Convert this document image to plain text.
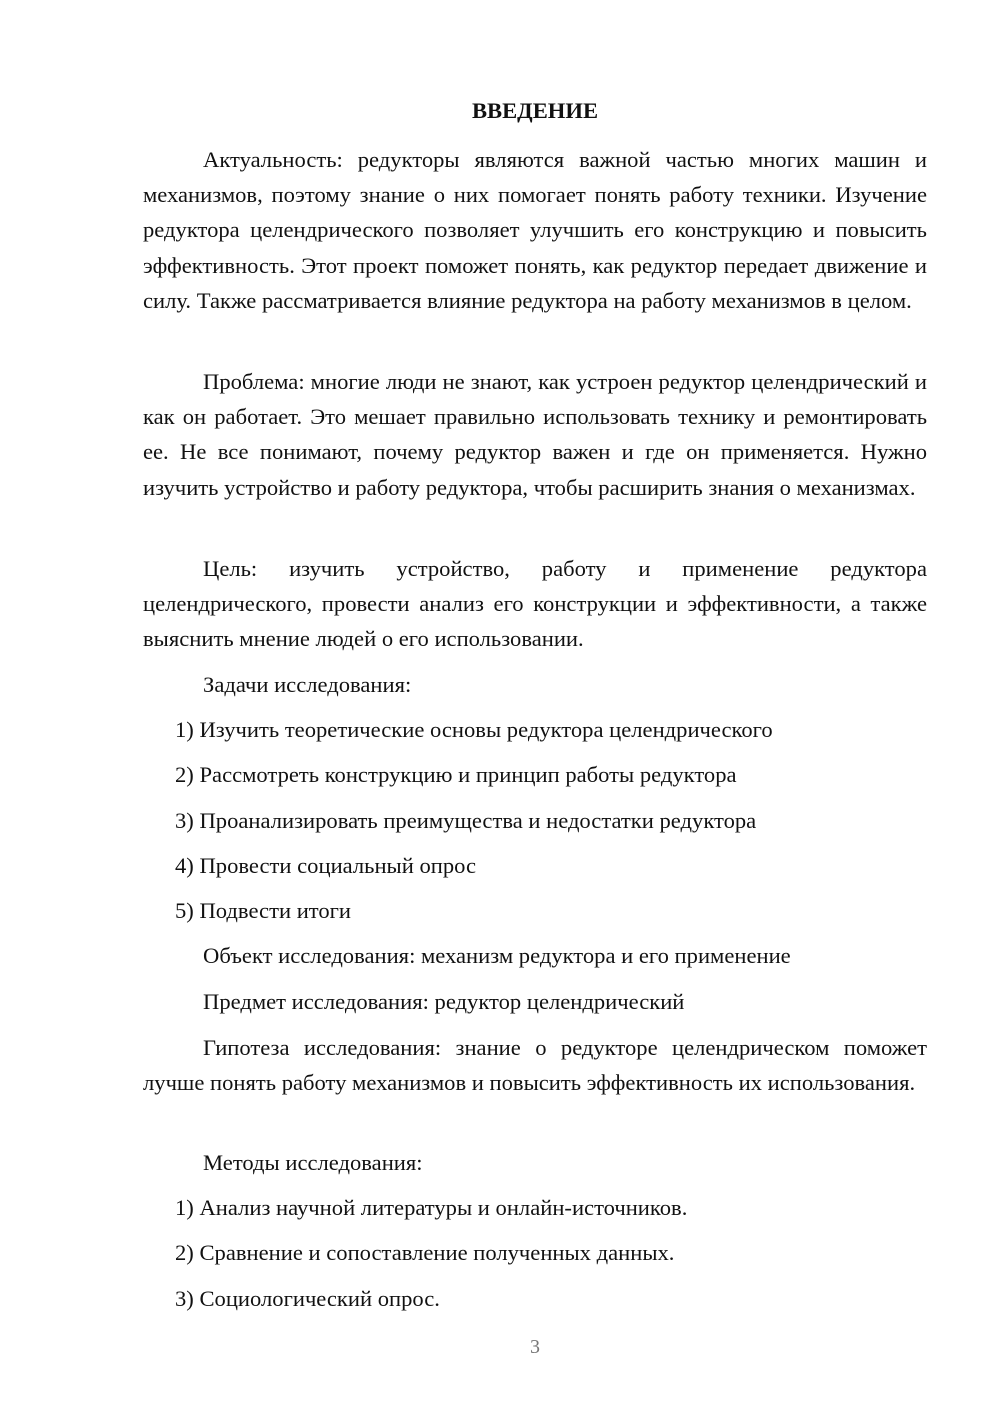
ВВЕДЕНИЕ
Актуальность: редукторы являются важной частью многих машин и механизмов, поэтому знание о них помогает понять работу техники. Изучение редуктора целендрического позволяет улучшить его конструкцию и повысить эффективность. Этот проект поможет понять, как редуктор передает движение и силу. Также рассматривается влияние редуктора на работу механизмов в целом.
Проблема: многие люди не знают, как устроен редуктор целендрический и как он работает. Это мешает правильно использовать технику и ремонтировать ее. Не все понимают, почему редуктор важен и где он применяется. Нужно изучить устройство и работу редуктора, чтобы расширить знания о механизмах.
Цель: изучить устройство, работу и применение редуктора целендрического, провести анализ его конструкции и эффективности, а также выяснить мнение людей о его использовании.
Задачи исследования:
1) Изучить теоретические основы редуктора целендрического
2) Рассмотреть конструкцию и принцип работы редуктора
3) Проанализировать преимущества и недостатки редуктора
4) Провести социальный опрос
5) Подвести итоги
Объект исследования: механизм редуктора и его применение
Предмет исследования: редуктор целендрический
Гипотеза исследования: знание о редукторе целендрическом поможет лучше понять работу механизмов и повысить эффективность их использования.
Методы исследования:
1) Анализ научной литературы и онлайн-источников.
2) Сравнение и сопоставление полученных данных.
3) Социологический опрос.
3
